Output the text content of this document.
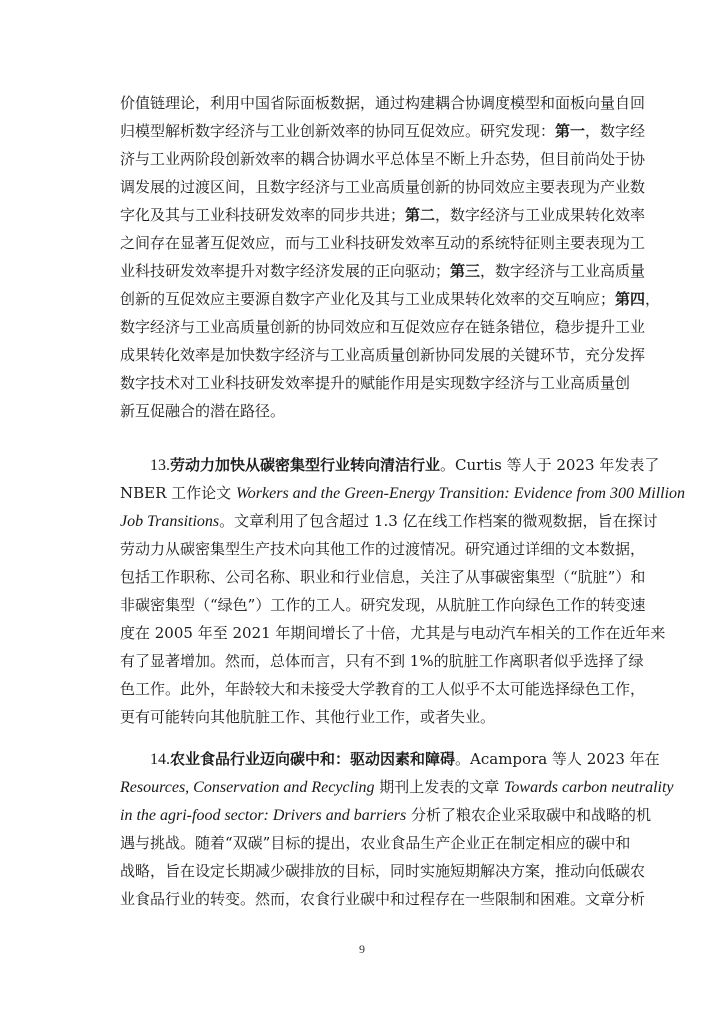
价值链理论，利用中国省际面板数据，通过构建耦合协调度模型和面板向量自回
归模型解析数字经济与工业创新效率的协同互促效应。研究发现：第一，数字经
济与工业两阶段创新效率的耦合协调水平总体呈不断上升态势，但目前尚处于协
调发展的过渡区间，且数字经济与工业高质量创新的协同效应主要表现为产业数
字化及其与工业科技研发效率的同步共进；第二，数字经济与工业成果转化效率
之间存在显著互促效应，而与工业科技研发效率互动的系统特征则主要表现为工
业科技研发效率提升对数字经济发展的正向驱动；第三，数字经济与工业高质量
创新的互促效应主要源自数字产业化及其与工业成果转化效率的交互响应；第四，
数字经济与工业高质量创新的协同效应和互促效应存在链条错位，稳步提升工业
成果转化效率是加快数字经济与工业高质量创新协同发展的关键环节，充分发挥
数字技术对工业科技研发效率提升的赋能作用是实现数字经济与工业高质量创
新互促融合的潜在路径。
13.劳动力加快从碳密集型行业转向清洁行业。Curtis 等人于 2023 年发表了
NBER 工作论文 Workers and the Green-Energy Transition: Evidence from 300 Million
Job Transitions。文章利用了包含超过 1.3 亿在线工作档案的微观数据，旨在探讨
劳动力从碳密集型生产技术向其他工作的过渡情况。研究通过详细的文本数据，
包括工作职称、公司名称、职业和行业信息，关注了从事碳密集型（“肮脏”）和
非碳密集型（“绿色”）工作的工人。研究发现，从肮脏工作向绿色工作的转变速
度在 2005 年至 2021 年期间增长了十倍，尤其是与电动汽车相关的工作在近年来
有了显著增加。然而，总体而言，只有不到 1%的肮脏工作离职者似乎选择了绿
色工作。此外，年龄较大和未接受大学教育的工人似乎不太可能选择绿色工作，
更有可能转向其他肮脏工作、其他行业工作，或者失业。
14.农业食品行业迈向碳中和：驱动因素和障碍。Acampora 等人 2023 年在
Resources, Conservation and Recycling 期刊上发表的文章 Towards carbon neutrality
in the agri-food sector: Drivers and barriers 分析了粮农企业采取碳中和战略的机
遇与挑战。随着“双碳”目标的提出，农业食品生产企业正在制定相应的碳中和
战略，旨在设定长期减少碳排放的目标，同时实施短期解决方案，推动向低碳农
业食品行业的转变。然而，农食行业碳中和过程存在一些限制和困难。文章分析
9
